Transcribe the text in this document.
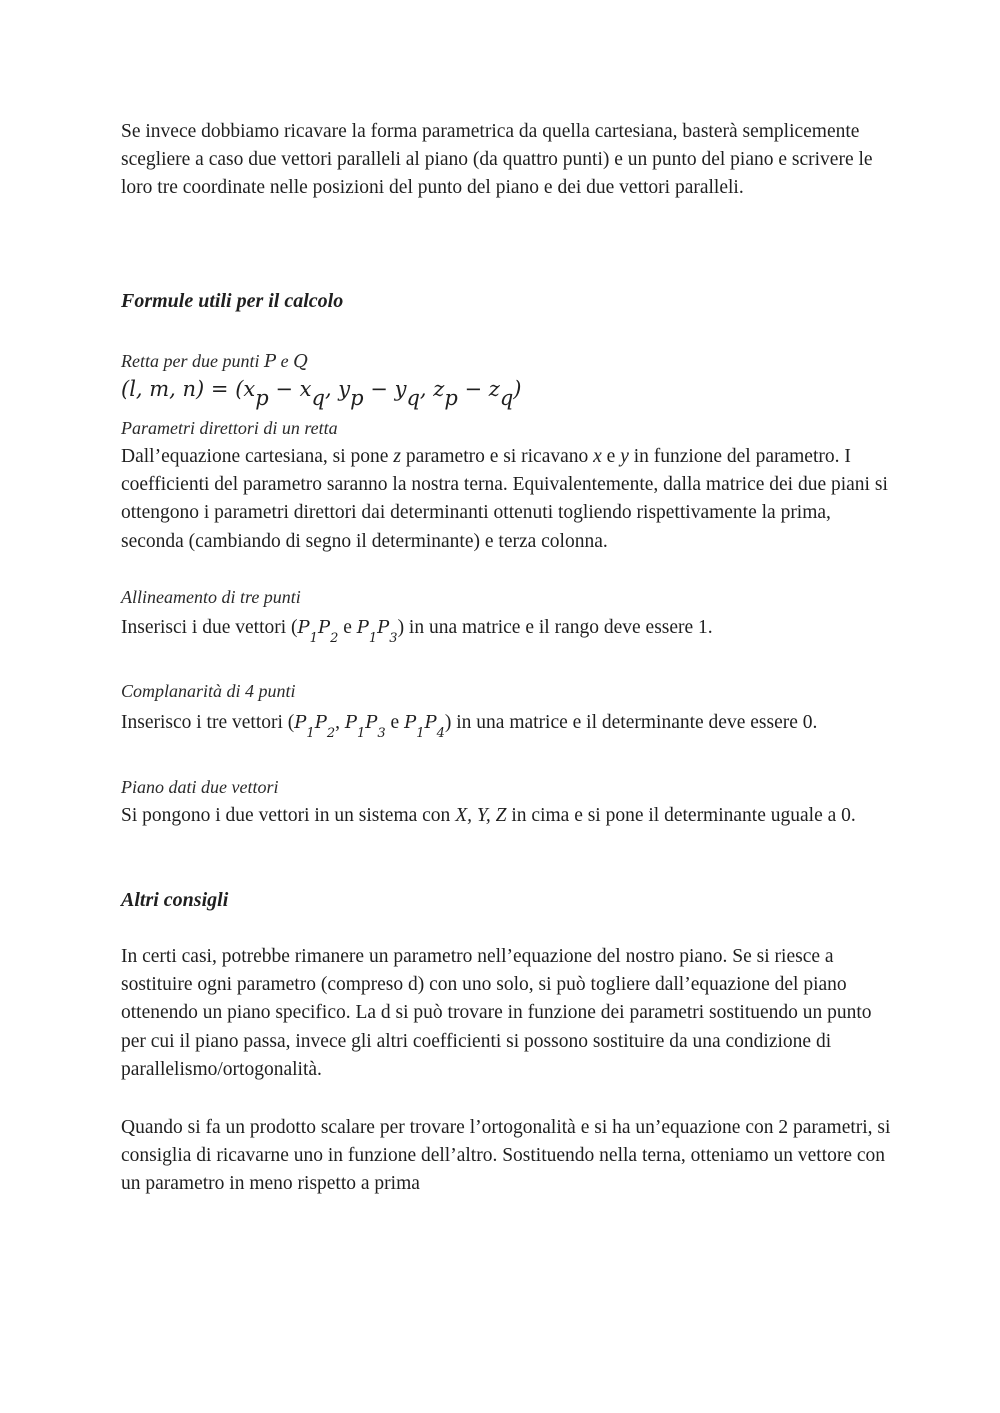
Se invece dobbiamo ricavare la forma parametrica da quella cartesiana, basterà semplicemente scegliere a caso due vettori paralleli al piano (da quattro punti) e un punto del piano e scrivere le loro tre coordinate nelle posizioni del punto del piano e dei due vettori paralleli.
Formule utili per il calcolo
Retta per due punti P e Q
(l, m, n) = (xp − xq, yp − yq, zp − zq)
Parametri direttori di un retta
Dall’equazione cartesiana, si pone z parametro e si ricavano x e y in funzione del parametro. I coefficienti del parametro saranno la nostra terna. Equivalentemente, dalla matrice dei due piani si ottengono i parametri direttori dai determinanti ottenuti togliendo rispettivamente la prima, seconda (cambiando di segno il determinante) e terza colonna.
Allineamento di tre punti
Inserisci i due vettori ($P_1P_2$ e $P_1P_3$) in una matrice e il rango deve essere 1.
Complanarità di 4 punti
Inserisco i tre vettori ($P_1P_2$, $P_1P_3$ e $P_1P_4$) in una matrice e il determinante deve essere 0.
Piano dati due vettori
Si pongono i due vettori in un sistema con X, Y, Z in cima e si pone il determinante uguale a 0.
Altri consigli
In certi casi, potrebbe rimanere un parametro nell’equazione del nostro piano. Se si riesce a sostituire ogni parametro (compreso d) con uno solo, si può togliere dall’equazione del piano ottenendo un piano specifico. La d si può trovare in funzione dei parametri sostituendo un punto per cui il piano passa, invece gli altri coefficienti si possono sostituire da una condizione di parallelismo/ortogonalità.
Quando si fa un prodotto scalare per trovare l’ortogonalità e si ha un’equazione con 2 parametri, si consiglia di ricavarne uno in funzione dell’altro. Sostituendo nella terna, otteniamo un vettore con un parametro in meno rispetto a prima
